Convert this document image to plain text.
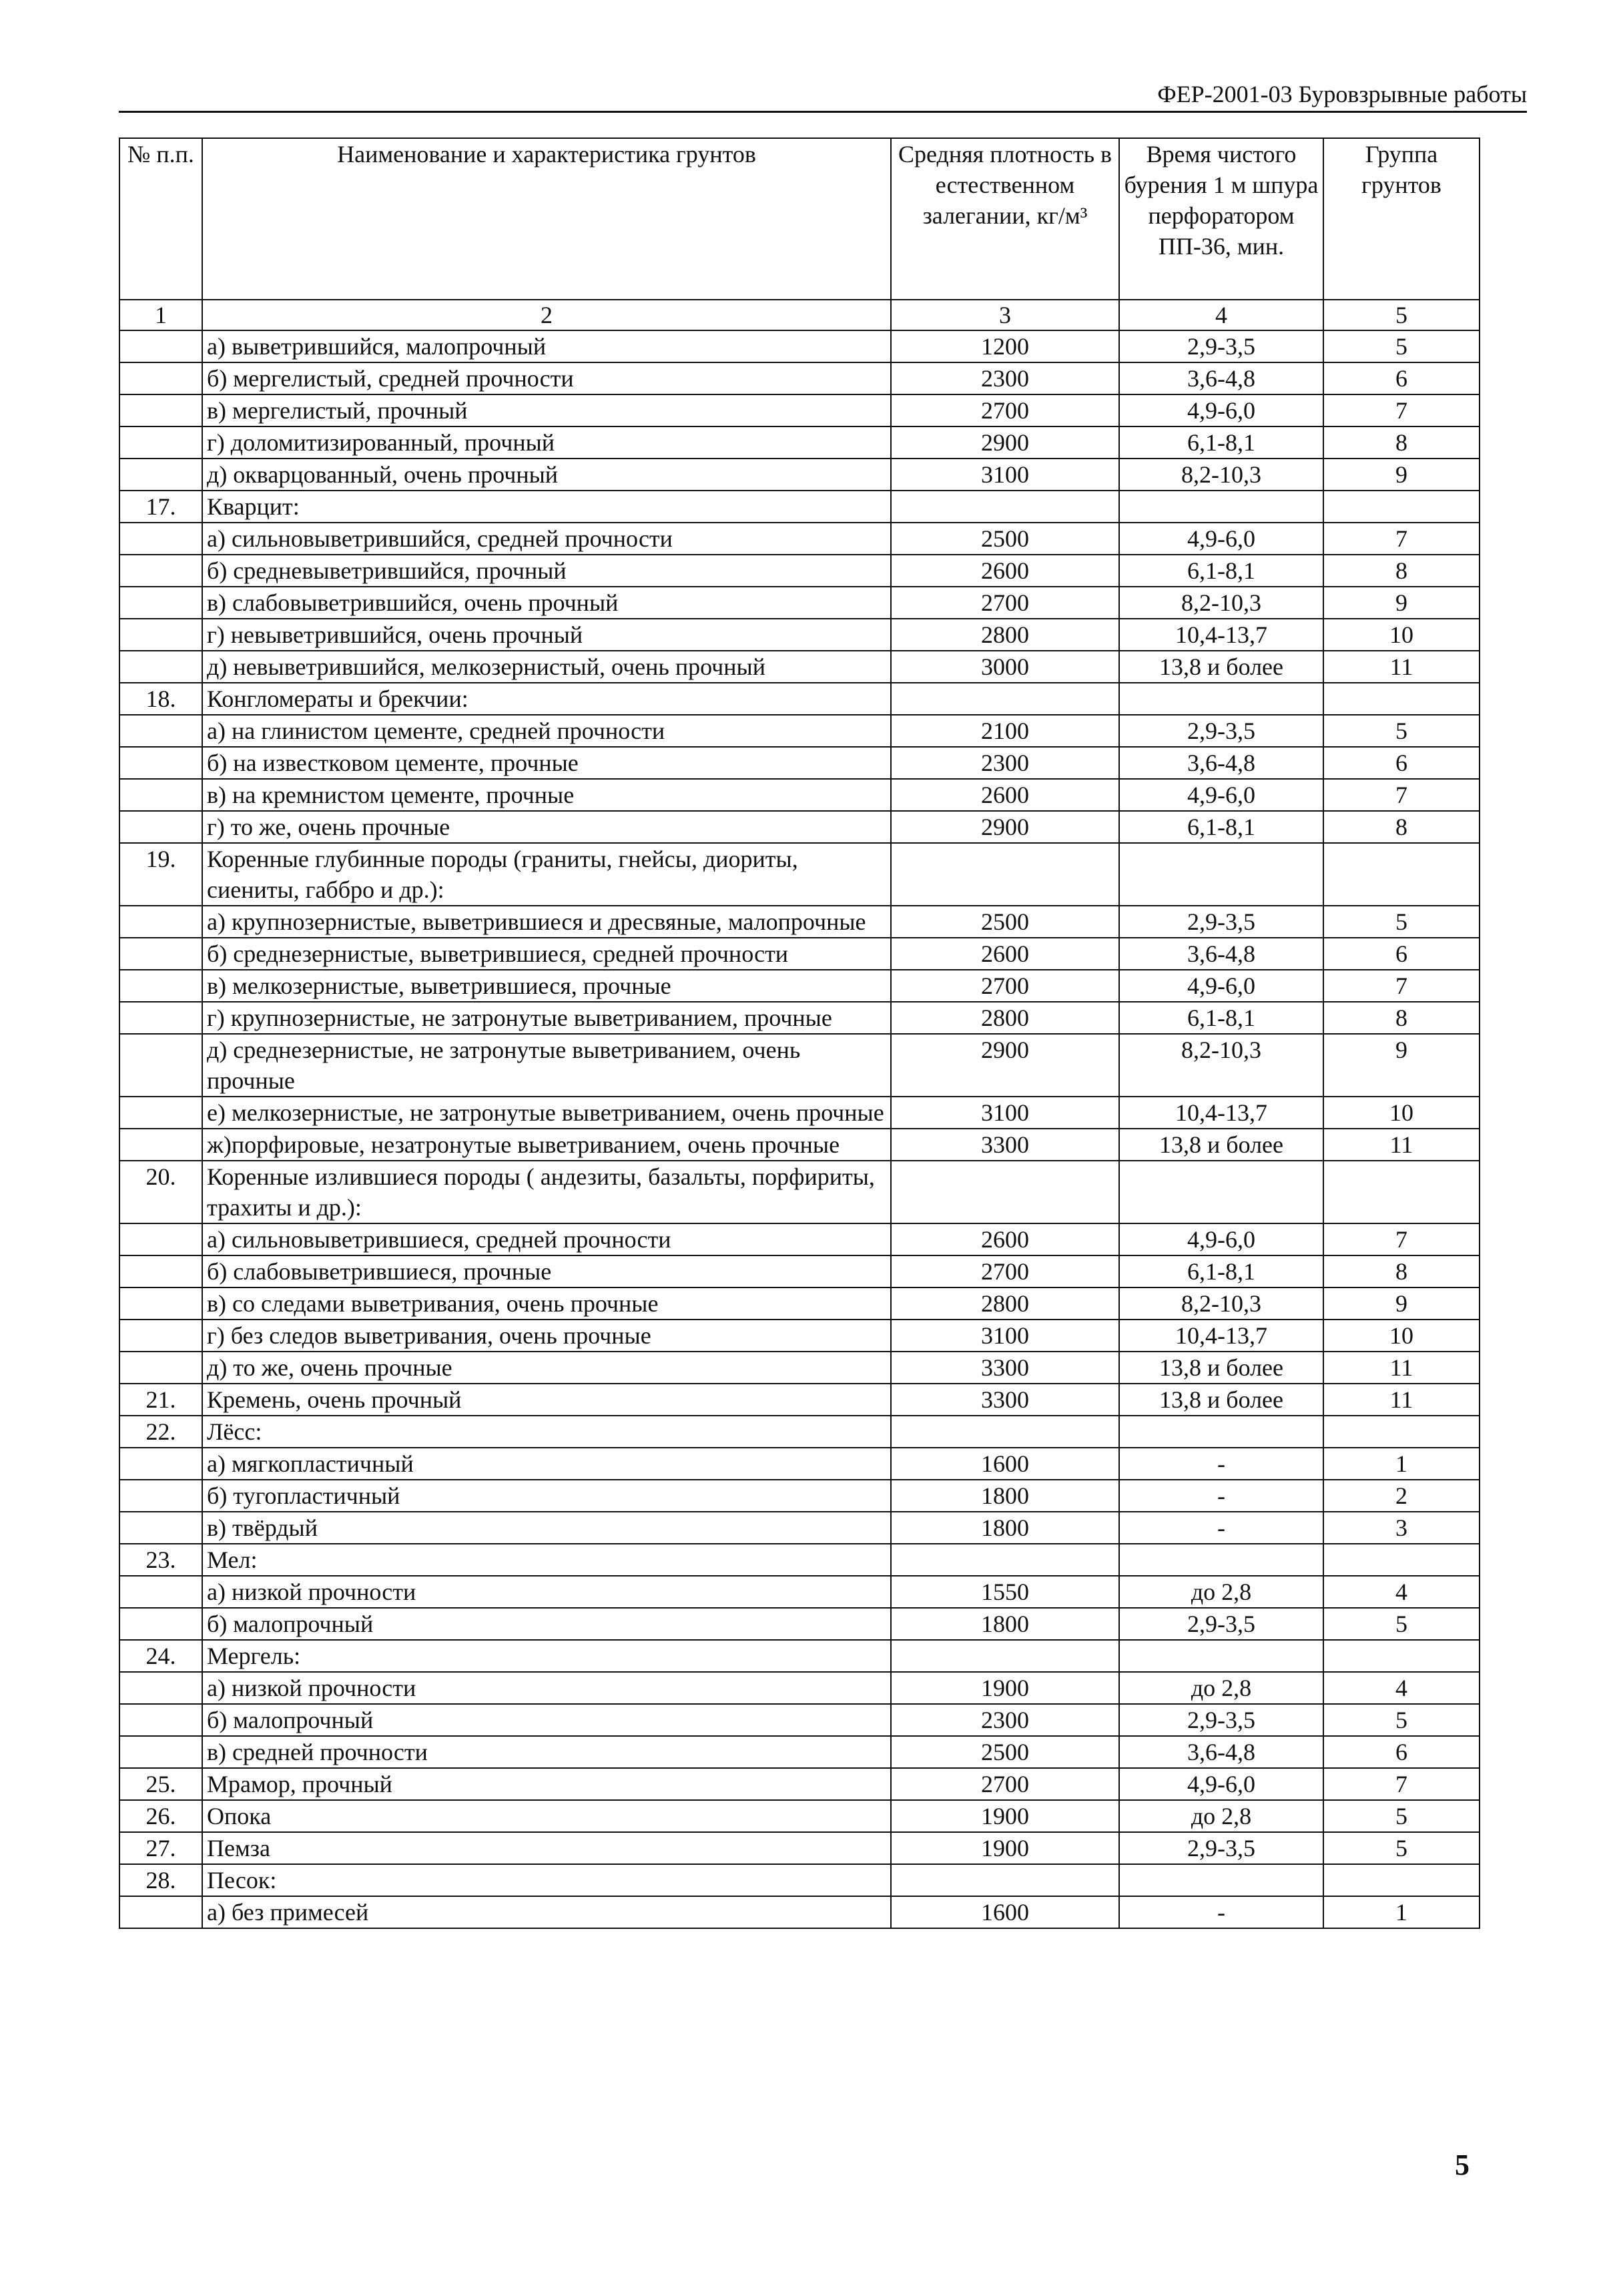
ФЕР-2001-03 Буровзрывные работы
№ п.п.	Наименование и характеристика грунтов	Средняя плотность в естественном залегании, кг/м³	Время чистого бурения 1 м шпура перфоратором ПП-36, мин.	Группа грунтов
1	2	3	4	5
	а) выветрившийся, малопрочный	1200	2,9-3,5	5
	б) мергелистый, средней прочности	2300	3,6-4,8	6
	в) мергелистый, прочный	2700	4,9-6,0	7
	г) доломитизированный, прочный	2900	6,1-8,1	8
	д) окварцованный, очень прочный	3100	8,2-10,3	9
17.	Кварцит:			
	а) сильновыветрившийся, средней прочности	2500	4,9-6,0	7
	б) средневыветрившийся, прочный	2600	6,1-8,1	8
	в) слабовыветрившийся, очень прочный	2700	8,2-10,3	9
	г) невыветрившийся, очень прочный	2800	10,4-13,7	10
	д) невыветрившийся, мелкозернистый, очень прочный	3000	13,8 и более	11
18.	Конгломераты и брекчии:			
	а) на глинистом цементе, средней прочности	2100	2,9-3,5	5
	б) на известковом цементе, прочные	2300	3,6-4,8	6
	в) на кремнистом цементе, прочные	2600	4,9-6,0	7
	г) то же, очень прочные	2900	6,1-8,1	8
19.	Коренные глубинные породы (граниты, гнейсы, диориты, сиениты, габбро и др.):			
	а) крупнозернистые, выветрившиеся и дресвяные, малопрочные	2500	2,9-3,5	5
	б) среднезернистые, выветрившиеся, средней прочности	2600	3,6-4,8	6
	в) мелкозернистые, выветрившиеся, прочные	2700	4,9-6,0	7
	г) крупнозернистые, не затронутые выветриванием, прочные	2800	6,1-8,1	8
	д) среднезернистые, не затронутые выветриванием, очень прочные	2900	8,2-10,3	9
	е) мелкозернистые, не затронутые выветриванием, очень прочные	3100	10,4-13,7	10
	ж)порфировые, незатронутые выветриванием, очень прочные	3300	13,8 и более	11
20.	Коренные излившиеся породы ( андезиты, базальты, порфириты, трахиты и др.):			
	а) сильновыветрившиеся, средней прочности	2600	4,9-6,0	7
	б) слабовыветрившиеся, прочные	2700	6,1-8,1	8
	в) со следами выветривания, очень прочные	2800	8,2-10,3	9
	г) без следов выветривания, очень прочные	3100	10,4-13,7	10
	д) то же, очень прочные	3300	13,8 и более	11
21.	Кремень, очень прочный	3300	13,8 и более	11
22.	Лёсс:			
	а) мягкопластичный	1600	-	1
	б) тугопластичный	1800	-	2
	в) твёрдый	1800	-	3
23.	Мел:			
	а) низкой прочности	1550	до 2,8	4
	б) малопрочный	1800	2,9-3,5	5
24.	Мергель:			
	а) низкой прочности	1900	до 2,8	4
	б) малопрочный	2300	2,9-3,5	5
	в) средней прочности	2500	3,6-4,8	6
25.	Мрамор, прочный	2700	4,9-6,0	7
26.	Опока	1900	до 2,8	5
27.	Пемза	1900	2,9-3,5	5
28.	Песок:			
	а) без примесей	1600	-	1
5
